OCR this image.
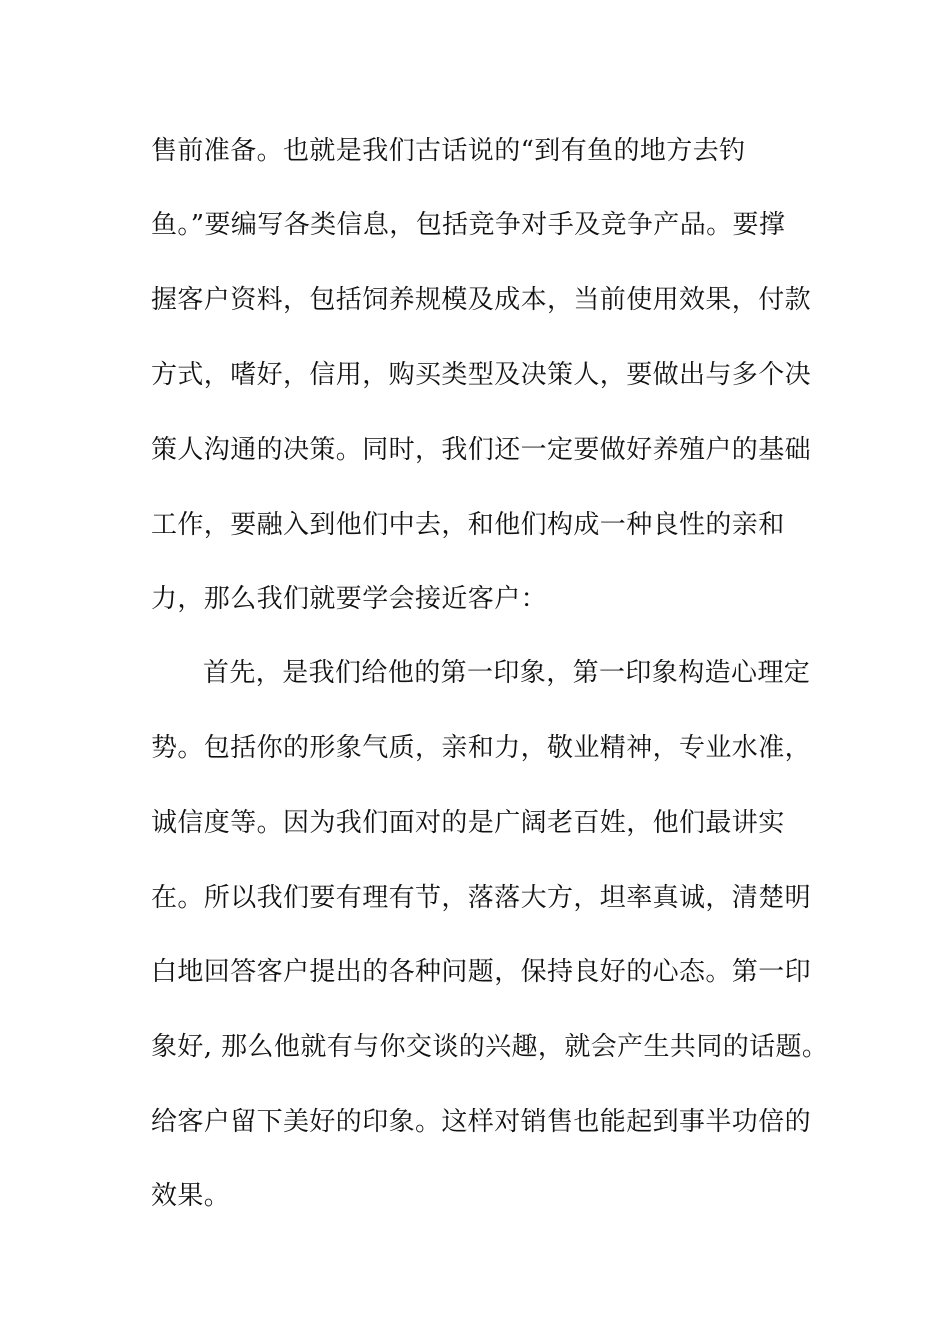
售前准备。也就是我们古话说的“到有鱼的地方去钓
鱼。”要编写各类信息，包括竞争对手及竞争产品。要撑
握客户资料，包括饲养规模及成本，当前使用效果，付款
方式，嗜好，信用，购买类型及决策人，要做出与多个决
策人沟通的决策。同时，我们还一定要做好养殖户的基础
工作，要融入到他们中去，和他们构成一种良性的亲和
力，那么我们就要学会接近客户：
首先，是我们给他的第一印象，第一印象构造心理定
势。包括你的形象气质，亲和力，敬业精神，专业水准，
诚信度等。因为我们面对的是广阔老百姓，他们最讲实
在。所以我们要有理有节，落落大方，坦率真诚，清楚明
白地回答客户提出的各种问题，保持良好的心态。第一印
象好, 那么他就有与你交谈的兴趣，就会产生共同的话题。
给客户留下美好的印象。这样对销售也能起到事半功倍的
效果。
